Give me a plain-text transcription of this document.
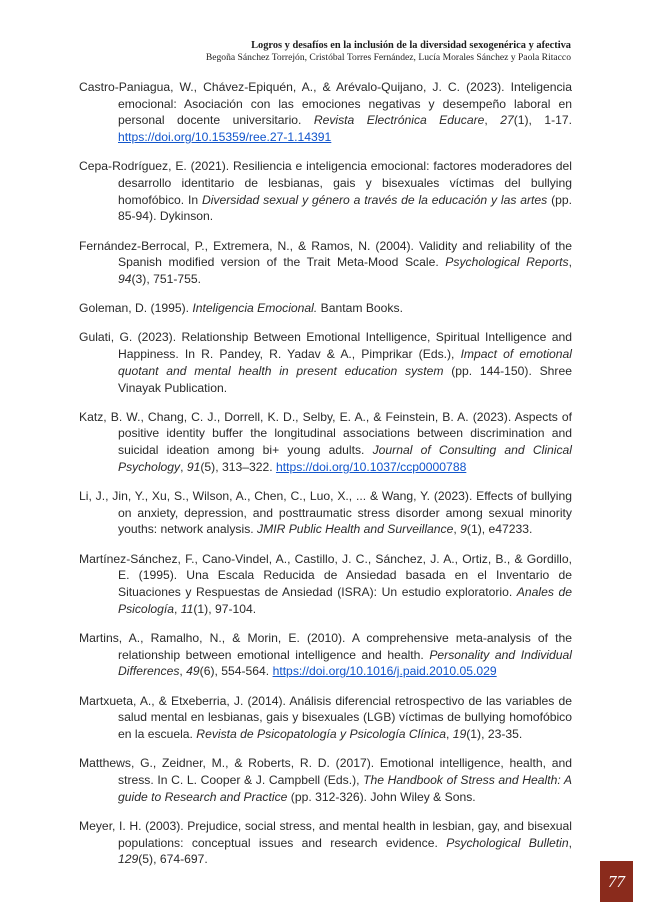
Logros y desafíos en la inclusión de la diversidad sexogenérica y afectiva
Begoña Sánchez Torrejón, Cristóbal Torres Fernández, Lucía Morales Sánchez y Paola Ritacco
Castro-Paniagua, W., Chávez-Epiquén, A., & Arévalo-Quijano, J. C. (2023). Inteligencia emocional: Asociación con las emociones negativas y desempeño laboral en personal docente universitario. Revista Electrónica Educare, 27(1), 1-17. https://doi.org/10.15359/ree.27-1.14391
Cepa-Rodríguez, E. (2021). Resiliencia e inteligencia emocional: factores moderadores del desarrollo identitario de lesbianas, gais y bisexuales víctimas del bullying homofóbico. In Diversidad sexual y género a través de la educación y las artes (pp. 85-94). Dykinson.
Fernández-Berrocal, P., Extremera, N., & Ramos, N. (2004). Validity and reliability of the Spanish modified version of the Trait Meta-Mood Scale. Psychological Reports, 94(3), 751-755.
Goleman, D. (1995). Inteligencia Emocional. Bantam Books.
Gulati, G. (2023). Relationship Between Emotional Intelligence, Spiritual Intelligence and Happiness. In R. Pandey, R. Yadav & A., Pimprikar (Eds.), Impact of emotional quotant and mental health in present education system (pp. 144-150). Shree Vinayak Publication.
Katz, B. W., Chang, C. J., Dorrell, K. D., Selby, E. A., & Feinstein, B. A. (2023). Aspects of positive identity buffer the longitudinal associations between discrimination and suicidal ideation among bi+ young adults. Journal of Consulting and Clinical Psychology, 91(5), 313–322. https://doi.org/10.1037/ccp0000788
Li, J., Jin, Y., Xu, S., Wilson, A., Chen, C., Luo, X., ... & Wang, Y. (2023). Effects of bullying on anxiety, depression, and posttraumatic stress disorder among sexual minority youths: network analysis. JMIR Public Health and Surveillance, 9(1), e47233.
Martínez-Sánchez, F., Cano-Vindel, A., Castillo, J. C., Sánchez, J. A., Ortiz, B., & Gordillo, E. (1995). Una Escala Reducida de Ansiedad basada en el Inventario de Situaciones y Respuestas de Ansiedad (ISRA): Un estudio exploratorio. Anales de Psicología, 11(1), 97-104.
Martins, A., Ramalho, N., & Morin, E. (2010). A comprehensive meta-analysis of the relationship between emotional intelligence and health. Personality and Individual Differences, 49(6), 554-564. https://doi.org/10.1016/j.paid.2010.05.029
Martxueta, A., & Etxeberria, J. (2014). Análisis diferencial retrospectivo de las variables de salud mental en lesbianas, gais y bisexuales (LGB) víctimas de bullying homofóbico en la escuela. Revista de Psicopatología y Psicología Clínica, 19(1), 23-35.
Matthews, G., Zeidner, M., & Roberts, R. D. (2017). Emotional intelligence, health, and stress. In C. L. Cooper & J. Campbell (Eds.), The Handbook of Stress and Health: A guide to Research and Practice (pp. 312-326). John Wiley & Sons.
Meyer, I. H. (2003). Prejudice, social stress, and mental health in lesbian, gay, and bisexual populations: conceptual issues and research evidence. Psychological Bulletin, 129(5), 674-697.
77
